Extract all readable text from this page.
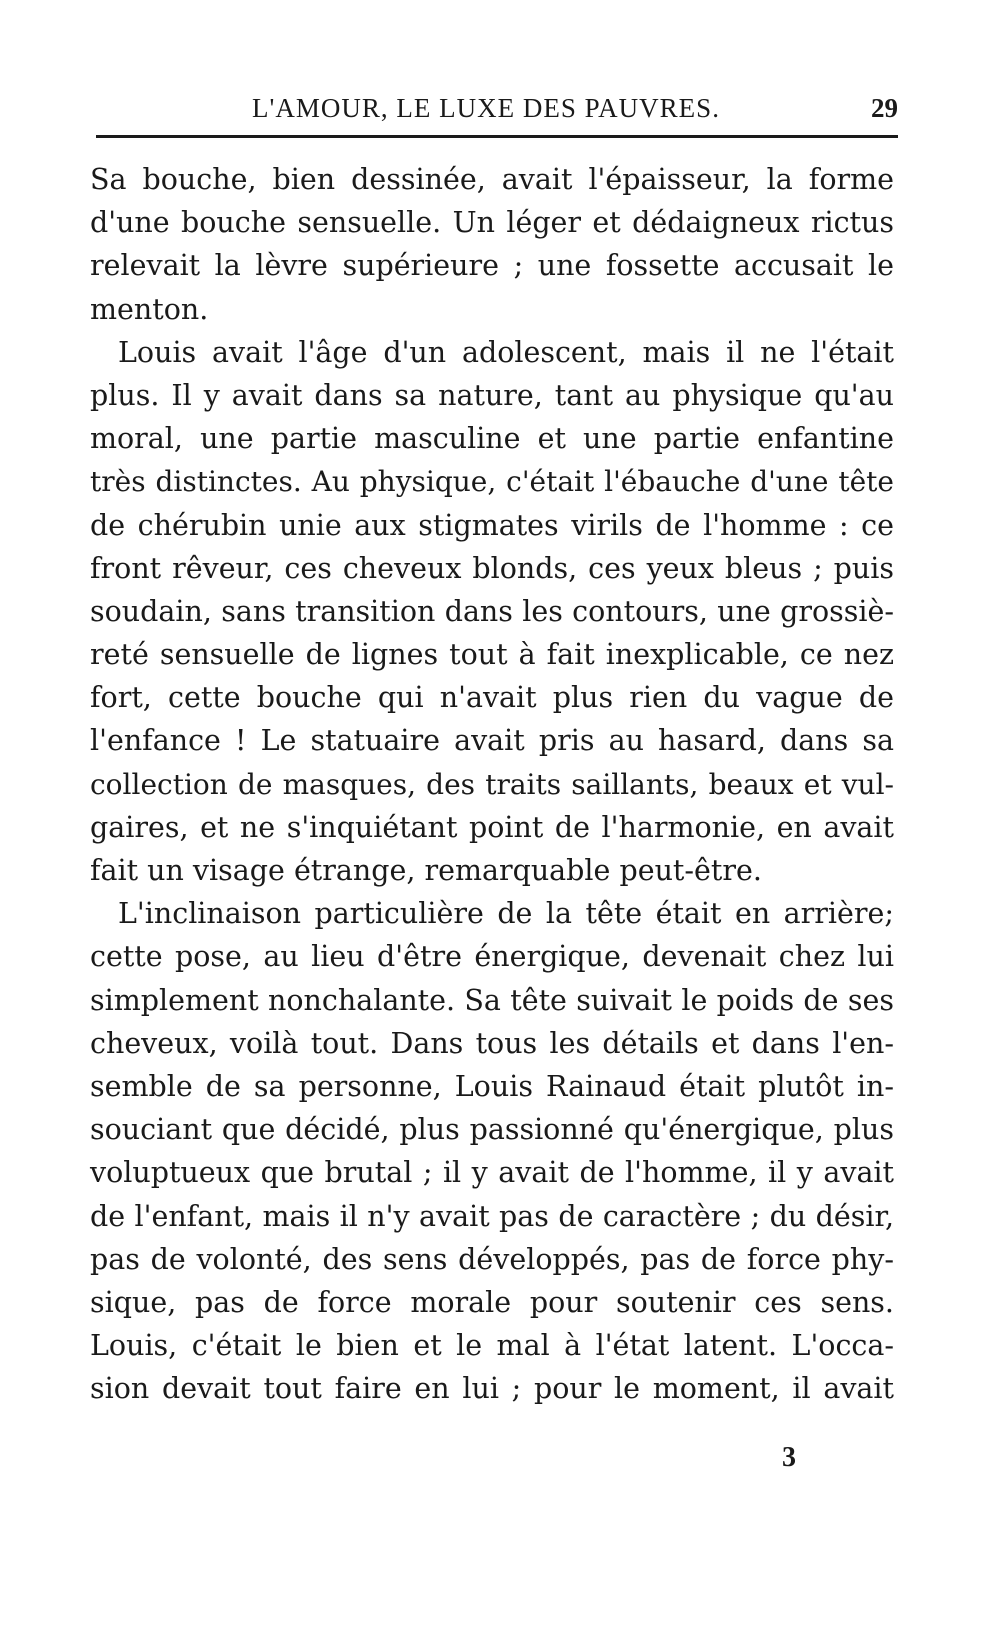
L'AMOUR, LE LUXE DES PAUVRES.	29
Sa bouche, bien dessinée, avait l'épaisseur, la forme
d'une bouche sensuelle. Un léger et dédaigneux rictus
relevait la lèvre supérieure ; une fossette accusait le
menton.
Louis avait l'âge d'un adolescent, mais il ne l'était
plus. Il y avait dans sa nature, tant au physique qu'au
moral, une partie masculine et une partie enfantine
très distinctes. Au physique, c'était l'ébauche d'une tête
de chérubin unie aux stigmates virils de l'homme : ce
front rêveur, ces cheveux blonds, ces yeux bleus ; puis
soudain, sans transition dans les contours, une grossiè-
reté sensuelle de lignes tout à fait inexplicable, ce nez
fort, cette bouche qui n'avait plus rien du vague de
l'enfance ! Le statuaire avait pris au hasard, dans sa
collection de masques, des traits saillants, beaux et vul-
gaires, et ne s'inquiétant point de l'harmonie, en avait
fait un visage étrange, remarquable peut-être.
L'inclinaison particulière de la tête était en arrière;
cette pose, au lieu d'être énergique, devenait chez lui
simplement nonchalante. Sa tête suivait le poids de ses
cheveux, voilà tout. Dans tous les détails et dans l'en-
semble de sa personne, Louis Rainaud était plutôt in-
souciant que décidé, plus passionné qu'énergique, plus
voluptueux que brutal ; il y avait de l'homme, il y avait
de l'enfant, mais il n'y avait pas de caractère ; du désir,
pas de volonté, des sens développés, pas de force phy-
sique, pas de force morale pour soutenir ces sens.
Louis, c'était le bien et le mal à l'état latent. L'occa-
sion devait tout faire en lui ; pour le moment, il avait
3
